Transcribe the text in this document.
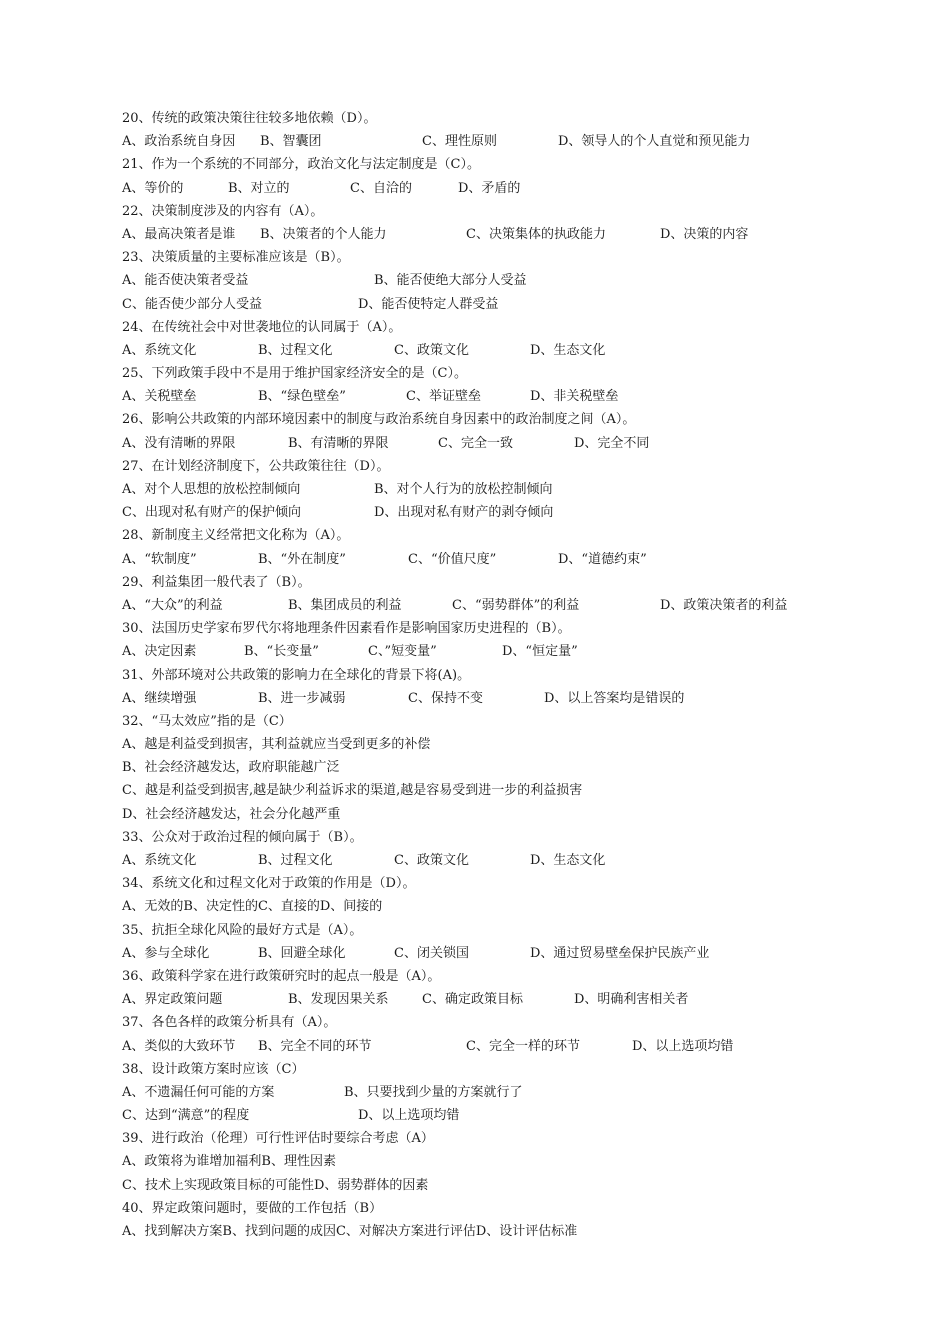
20、传统的政策决策往往较多地依赖（D）。
A、政治系统自身因 B、智囊团	C、理性原则	D、领导人的个人直觉和预见能力
21、作为一个系统的不同部分，政治文化与法定制度是（C）。
A、等价的	B、对立的	C、自洽的	D、矛盾的
22、决策制度涉及的内容有（A）。
A、最高决策者是谁 B、决策者的个人能力	C、决策集体的执政能力	D、决策的内容
23、决策质量的主要标准应该是（B）。
A、能否使决策者受益	B、能否使绝大部分人受益
C、能否使少部分人受益	D、能否使特定人群受益
24、在传统社会中对世袭地位的认同属于（A）。
A、系统文化	B、过程文化	C、政策文化	D、生态文化
25、下列政策手段中不是用于维护国家经济安全的是（C）。
A、关税壁垒	B、“绿色壁垒”	C、举证壁垒	D、非关税壁垒
26、影响公共政策的内部环境因素中的制度与政治系统自身因素中的政治制度之间（A）。
A、没有清晰的界限	B、有清晰的界限	C、完全一致	D、完全不同
27、在计划经济制度下，公共政策往往（D）。
A、对个人思想的放松控制倾向	B、对个人行为的放松控制倾向
C、出现对私有财产的保护倾向	D、出现对私有财产的剥夺倾向
28、新制度主义经常把文化称为（A）。
A、“软制度”	B、“外在制度”	C、“价值尺度”	D、“道德约束”
29、利益集团一般代表了（B）。
A、“大众”的利益	B、集团成员的利益	C、“弱势群体”的利益	D、政策决策者的利益
30、法国历史学家布罗代尔将地理条件因素看作是影响国家历史进程的（B）。
A、决定因素	B、“长变量”	C、”短变量”	D、“恒定量”
31、外部环境对公共政策的影响力在全球化的背景下将(A)。
A、继续增强	B、进一步减弱	C、保持不变	D、以上答案均是错误的
32、“马太效应”指的是（C）
A、越是利益受到损害，其利益就应当受到更多的补偿
B、社会经济越发达，政府职能越广泛
C、越是利益受到损害,越是缺少利益诉求的渠道,越是容易受到进一步的利益损害
D、社会经济越发达，社会分化越严重
33、公众对于政治过程的倾向属于（B）。
A、系统文化	B、过程文化	C、政策文化	D、生态文化
34、系统文化和过程文化对于政策的作用是（D）。
A、无效的B、决定性的C、直接的D、间接的
35、抗拒全球化风险的最好方式是（A）。
A、参与全球化	B、回避全球化	C、闭关锁国	D、通过贸易壁垒保护民族产业
36、政策科学家在进行政策研究时的起点一般是（A）。
A、界定政策问题	B、发现因果关系	C、确定政策目标	D、明确利害相关者
37、各色各样的政策分析具有（A）。
A、类似的大致环节 B、完全不同的环节	C、完全一样的环节	D、以上选项均错
38、设计政策方案时应该（C）
A、不遗漏任何可能的方案	B、只要找到少量的方案就行了
C、达到“满意”的程度	D、以上选项均错
39、进行政治（伦理）可行性评估时要综合考虑（A）
A、政策将为谁增加福利B、理性因素
C、技术上实现政策目标的可能性D、弱势群体的因素
40、界定政策问题时，要做的工作包括（B）
A、找到解决方案B、找到问题的成因C、对解决方案进行评估D、设计评估标准
